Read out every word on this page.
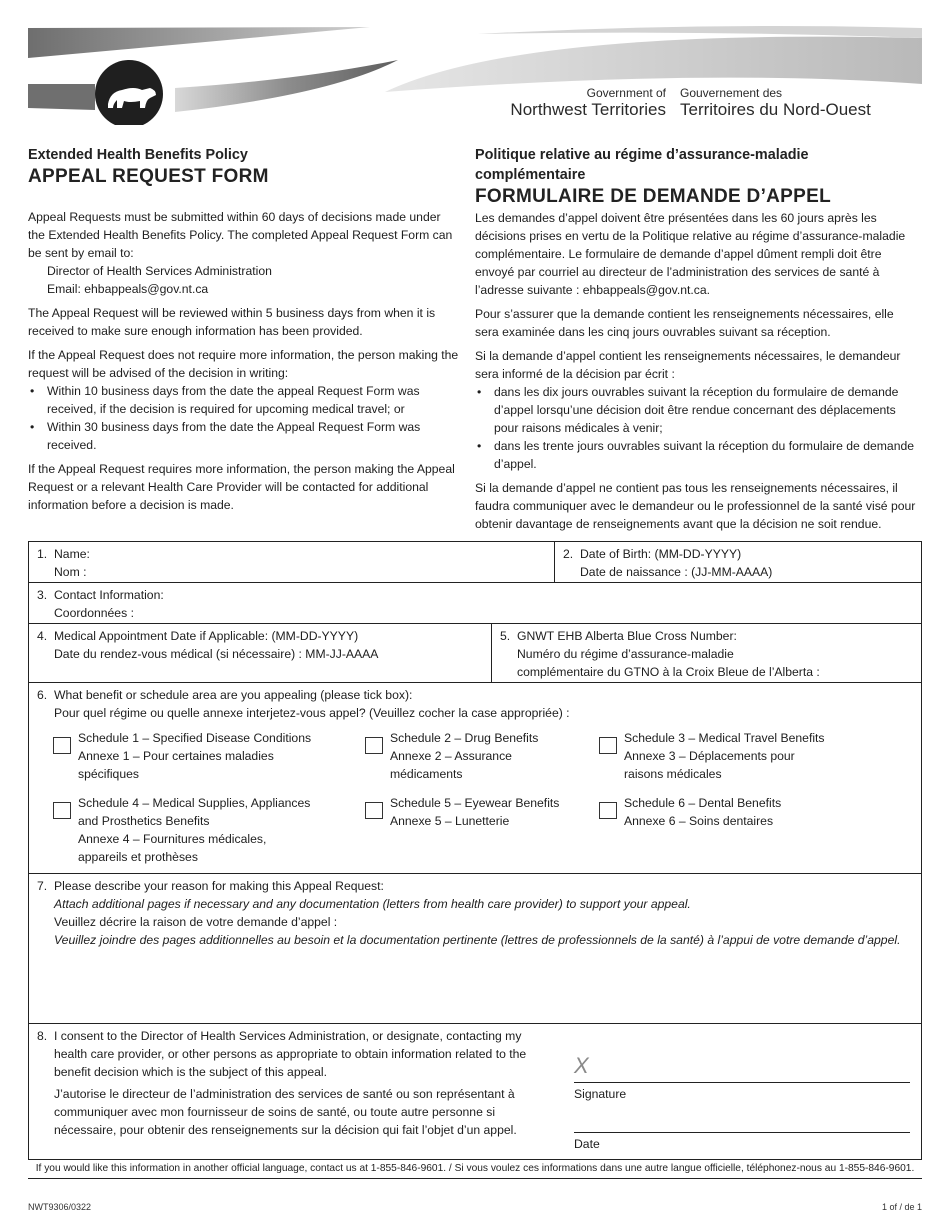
Government of
Northwest Territories
Gouvernement des
Territoires du Nord-Ouest
Extended Health Benefits Policy
APPEAL REQUEST FORM

Appeal Requests must be submitted within 60 days of decisions made under the Extended Health Benefits Policy. The completed Appeal Request Form can be sent by email to:

Director of Health Services Administration
Email: ehbappeals@gov.nt.ca

The Appeal Request will be reviewed within 5 business days from when it is received to make sure enough information has been provided.

If the Appeal Request does not require more information, the person making the request will be advised of the decision in writing:

• Within 10 business days from the date the appeal Request Form was received, if the decision is required for upcoming medical travel; or
• Within 30 business days from the date the Appeal Request Form was received.

If the Appeal Request requires more information, the person making the Appeal Request or a relevant Health Care Provider will be contacted for additional information before a decision is made.

Politique relative au régime d’assurance-maladie complémentaire
FORMULAIRE DE DEMANDE D’APPEL

Les demandes d’appel doivent être présentées dans les 60 jours après les décisions prises en vertu de la Politique relative au régime d’assurance-maladie complémentaire. Le formulaire de demande d’appel dûment rempli doit être envoyé par courriel au directeur de l’administration des services de santé à l’adresse suivante : ehbappeals@gov.nt.ca.

Pour s’assurer que la demande contient les renseignements nécessaires, elle sera examinée dans les cinq jours ouvrables suivant sa réception.

Si la demande d’appel contient les renseignements nécessaires, le demandeur sera informé de la décision par écrit :

• dans les dix jours ouvrables suivant la réception du formulaire de demande d’appel lorsqu’une décision doit être rendue concernant des déplacements pour raisons médicales à venir;
• dans les trente jours ouvrables suivant la réception du formulaire de demande d’appel.

Si la demande d’appel ne contient pas tous les renseignements nécessaires, il faudra communiquer avec le demandeur ou le professionnel de la santé visé pour obtenir davantage de renseignements avant que la décision ne soit rendue.

1. Name:
Nom :
2. Date of Birth: (MM-DD-YYYY)
Date de naissance : (JJ-MM-AAAA)
3. Contact Information:
Coordonnées :
4. Medical Appointment Date if Applicable: (MM-DD-YYYY)
Date du rendez-vous médical (si nécessaire) : MM-JJ-AAAA
5. GNWT EHB Alberta Blue Cross Number:
Numéro du régime d’assurance-maladie
complémentaire du GTNO à la Croix Bleue de l’Alberta :
6. What benefit or schedule area are you appealing (please tick box):
Pour quel régime ou quelle annexe interjetez-vous appel? (Veuillez cocher la case appropriée) :
Schedule 1 – Specified Disease Conditions
Annexe 1 – Pour certaines maladies
spécifiques
Schedule 2 – Drug Benefits
Annexe 2 – Assurance
médicaments
Schedule 3 – Medical Travel Benefits
Annexe 3 – Déplacements pour
raisons médicales
Schedule 4 – Medical Supplies, Appliances
and Prosthetics Benefits
Annexe 4 – Fournitures médicales,
appareils et prothèses
Schedule 5 – Eyewear Benefits
Annexe 5 – Lunetterie
Schedule 6 – Dental Benefits
Annexe 6 – Soins dentaires
7. Please describe your reason for making this Appeal Request:
Attach additional pages if necessary and any documentation (letters from health care provider) to support your appeal.
Veuillez décrire la raison de votre demande d’appel :
Veuillez joindre des pages additionnelles au besoin et la documentation pertinente (lettres de professionnels de la santé) à l’appui de votre demande d’appel.
8. I consent to the Director of Health Services Administration, or designate, contacting my health care provider, or other persons as appropriate to obtain information related to the benefit decision which is the subject of this appeal.
J’autorise le directeur de l’administration des services de santé ou son représentant à communiquer avec mon fournisseur de soins de santé, ou toute autre personne si nécessaire, pour obtenir des renseignements sur la décision qui fait l’objet d’un appel.
X
Signature
Date
If you would like this information in another official language, contact us at 1-855-846-9601. / Si vous voulez ces informations dans une autre langue officielle, téléphonez-nous au 1-855-846-9601.
NWT9306/0322	1 of / de 1
